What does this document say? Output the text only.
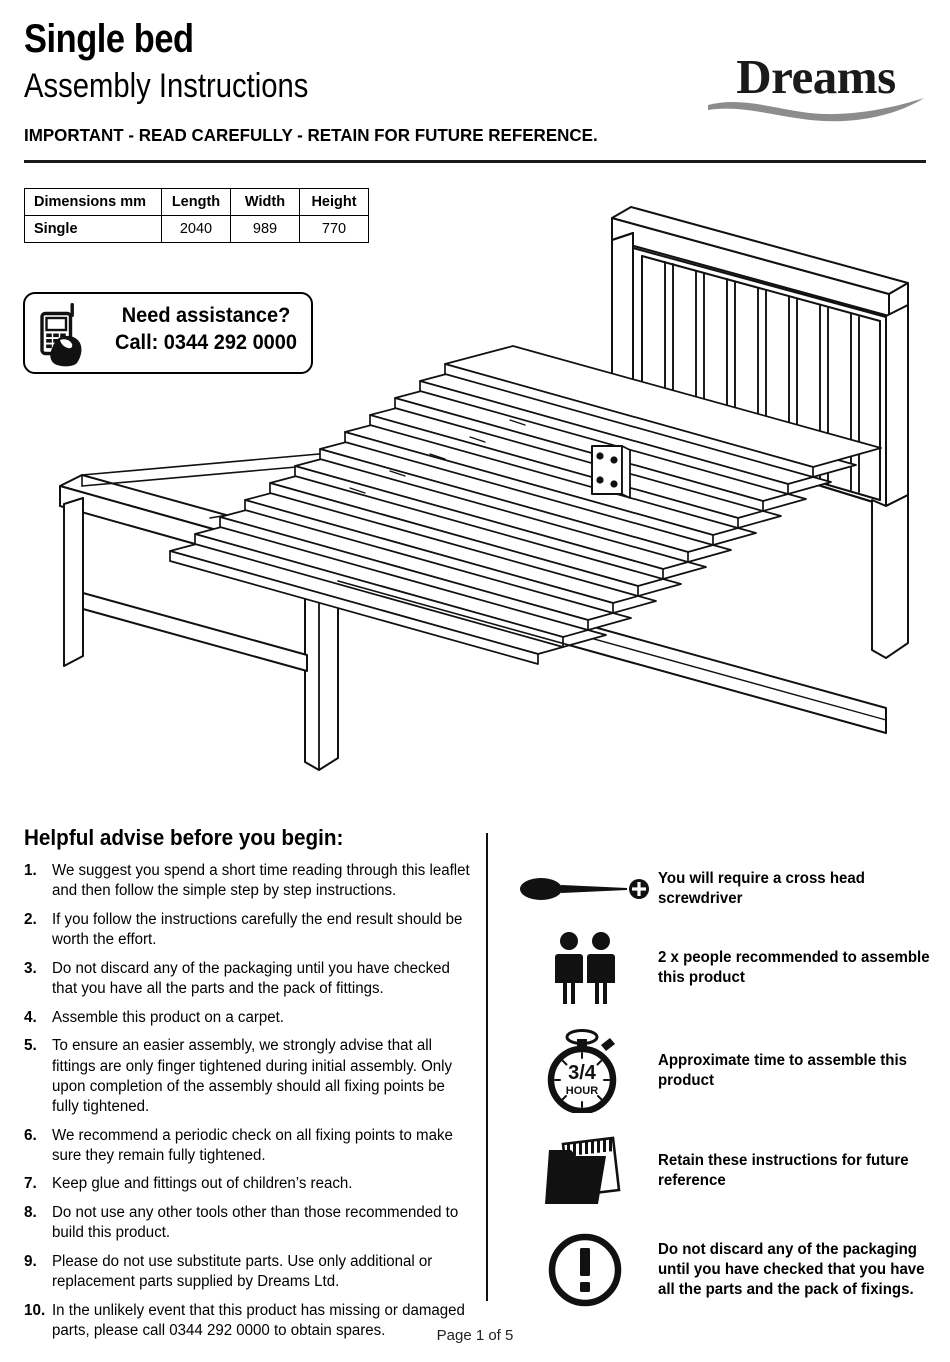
Single bed
Assembly Instructions
IMPORTANT - READ CAREFULLY - RETAIN FOR FUTURE REFERENCE.
Dreams
Dimensions mm	Length	Width	Height
Single	2040	989	770
Need assistance?
Call: 0344 292 0000
Helpful advise before you begin:
1. We suggest you spend a short time reading through this leaflet and then follow the simple step by step instructions.
2. If you follow the instructions carefully the end result should be worth the effort.
3. Do not discard any of the packaging until you have checked that you have all the parts and the pack of fittings.
4. Assemble this product on a carpet.
5. To ensure an easier assembly, we strongly advise that all fittings are only finger tightened during initial assembly. Only upon completion of the assembly should all fixing points be fully tightened.
6. We recommend a periodic check on all fixing points to make sure they remain fully tightened.
7. Keep glue and fittings out of children’s reach.
8. Do not use any other tools other than those recommended to build this product.
9. Please do not use substitute parts. Use only additional or replacement parts supplied by Dreams Ltd.
10. In the unlikely event that this product has missing or damaged parts, please call 0344 292 0000 to obtain spares.
You will require a cross head screwdriver
2 x people recommended to assemble this product
3/4
HOUR
Approximate time to assemble this product
Retain these instructions for future reference
Do not discard any of the packaging until you have checked that you have all the parts and the pack of fixings.
Page 1 of 5
